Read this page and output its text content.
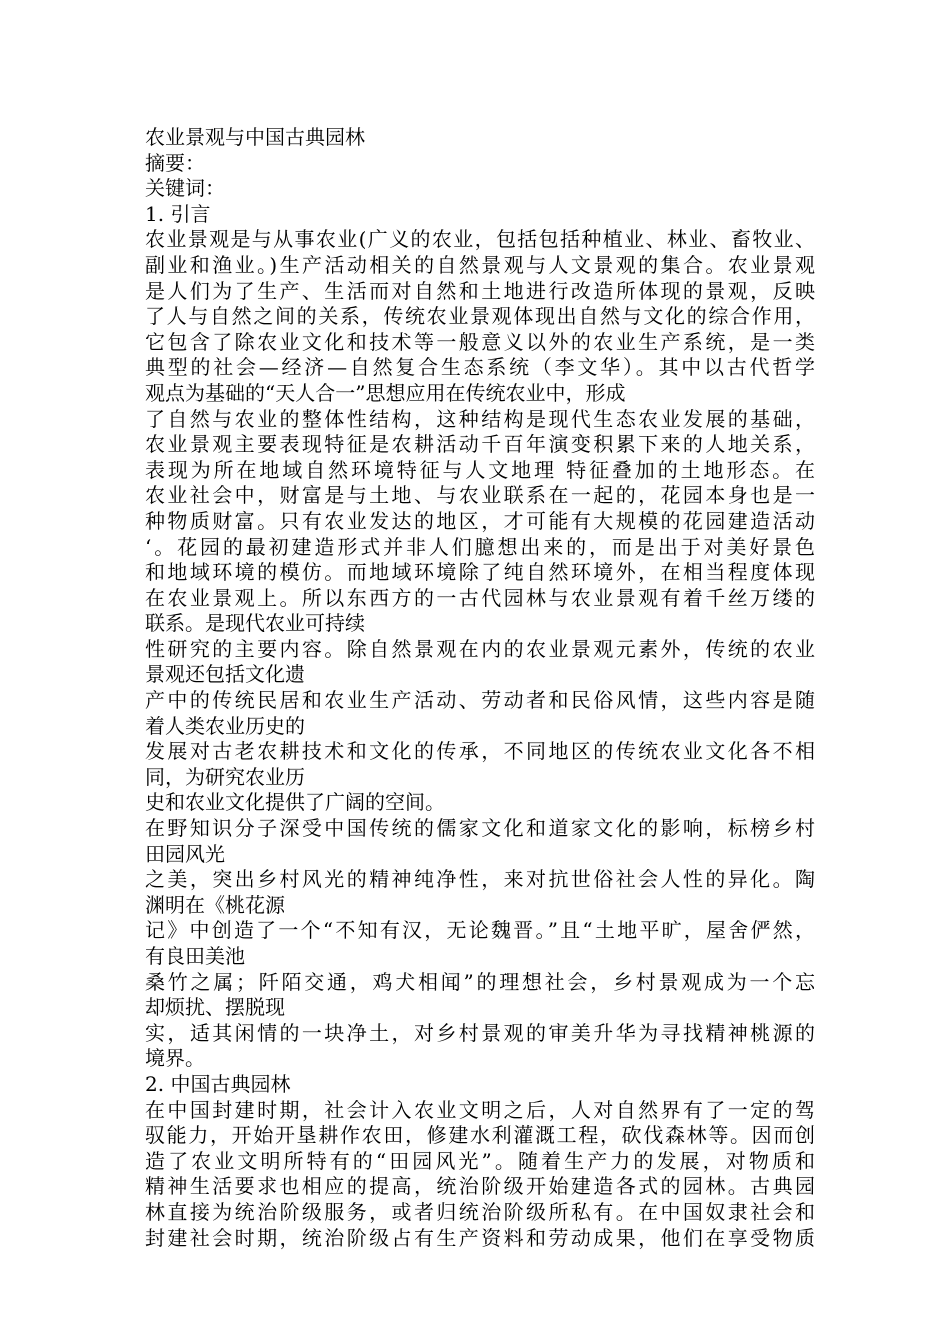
农业景观与中国古典园林
摘要：
关键词：
1. 引言
农业景观是与从事农业(广义的农业，包括包括种植业、林业、畜牧业、
副业和渔业。)生产活动相关的自然景观与人文景观的集合。农业景观
是人们为了生产、生活而对自然和土地进行改造所体现的景观，反映
了人与自然之间的关系，传统农业景观体现出自然与文化的综合作用，
它包含了除农业文化和技术等一般意义以外的农业生产系统，是一类
典型的社会—经济—自然复合生态系统（李文华）。其中以古代哲学
观点为基础的“天人合一”思想应用在传统农业中，形成
了自然与农业的整体性结构，这种结构是现代生态农业发展的基础，
农业景观主要表现特征是农耕活动千百年演变积累下来的人地关系，
表现为所在地域自然环境特征与人文地理 特征叠加的土地形态。在
农业社会中，财富是与土地、与农业联系在一起的，花园本身也是一
种物质财富。只有农业发达的地区，才可能有大规模的花园建造活动
‘。花园的最初建造形式并非人们臆想出来的，而是出于对美好景色
和地域环境的模仿。而地域环境除了纯自然环境外，在相当程度体现
在农业景观上。所以东西方的一古代园林与农业景观有着千丝万缕的
联系。是现代农业可持续
性研究的主要内容。除自然景观在内的农业景观元素外，传统的农业
景观还包括文化遗
产中的传统民居和农业生产活动、劳动者和民俗风情，这些内容是随
着人类农业历史的
发展对古老农耕技术和文化的传承，不同地区的传统农业文化各不相
同，为研究农业历
史和农业文化提供了广阔的空间。
在野知识分子深受中国传统的儒家文化和道家文化的影响，标榜乡村
田园风光
之美，突出乡村风光的精神纯净性，来对抗世俗社会人性的异化。陶
渊明在《桃花源
记》中创造了一个“不知有汉，无论魏晋。”且“土地平旷，屋舍俨然，
有良田美池
桑竹之属；阡陌交通，鸡犬相闻”的理想社会，乡村景观成为一个忘
却烦扰、摆脱现
实，适其闲情的一块净土，对乡村景观的审美升华为寻找精神桃源的
境界。
2. 中国古典园林
在中国封建时期，社会计入农业文明之后，人对自然界有了一定的驾
驭能力，开始开垦耕作农田，修建水利灌溉工程，砍伐森林等。因而创
造了农业文明所特有的“田园风光”。随着生产力的发展，对物质和
精神生活要求也相应的提高，统治阶级开始建造各式的园林。古典园
林直接为统治阶级服务，或者归统治阶级所私有。在中国奴隶社会和
封建社会时期，统治阶级占有生产资料和劳动成果，他们在享受物质
